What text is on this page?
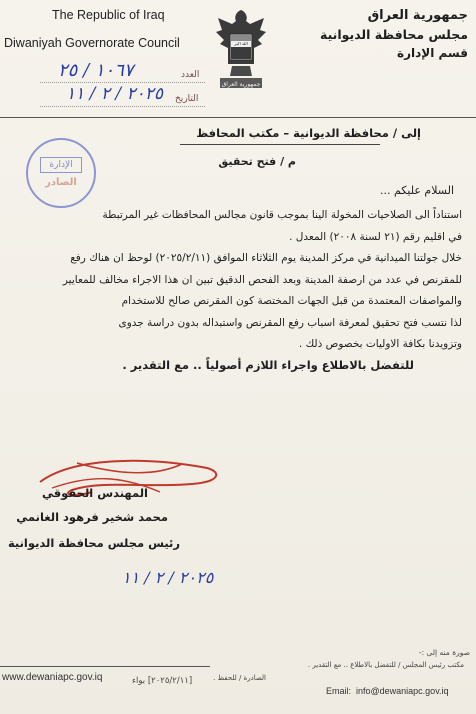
The Republic of Iraq
Diwaniyah Governorate Council
جمهورية العراق
الله اكبر
جمهورية العراق
مجلس محافظة الديوانية
قسم الإدارة
العدد
١٠٦٧ / ٢٥
التاريخ
٢٠٢٥ / ٢ / ١١
الإدارة
الصادر
إلى / محافظة الديوانية – مكتب المحافظ
م / فتح تحقيق
السلام عليكم ...
استناداً الى الصلاحيات المخولة الينا بموجب قانون مجالس المحافظات غير المرتبطة
في اقليم رقم (٢١ لسنة ٢٠٠٨) المعدل .
خلال جولتنا الميدانية في مركز المدينة يوم الثلاثاء الموافق (٢٠٢٥/٢/١١) لوحظ ان هناك رفع
للمقرنص في عدد من ارصفة المدينة وبعد الفحص الدقيق تبين ان هذا الاجراء مخالف للمعايير
والمواصفات المعتمدة من قبل الجهات المختصة كون المقرنص صالح للاستخدام
لذا نتسب فتح تحقيق لمعرفة اسباب رفع المقرنص واستبداله بدون دراسة جدوى
وتزويدنا بكافة الاوليات بخصوص ذلك .
للتفضل بالاطلاع واجراء اللازم أصولياً .. مع التقدير .
المهندس الحقوقي
محمد شخير فرهود الغانمي
رئيس مجلس محافظة الديوانية
٢٠٢٥ / ٢ / ١١
صورة منه إلى :-
مكتب رئيس المجلس / للتفضل بالاطلاع .. مع التقدير .
الصادرة / للحفظ .
www.dewaniapc.gov.iq	[٢٠٢٥/٢/١١] بواء
Email: info@dewaniapc.gov.iq
